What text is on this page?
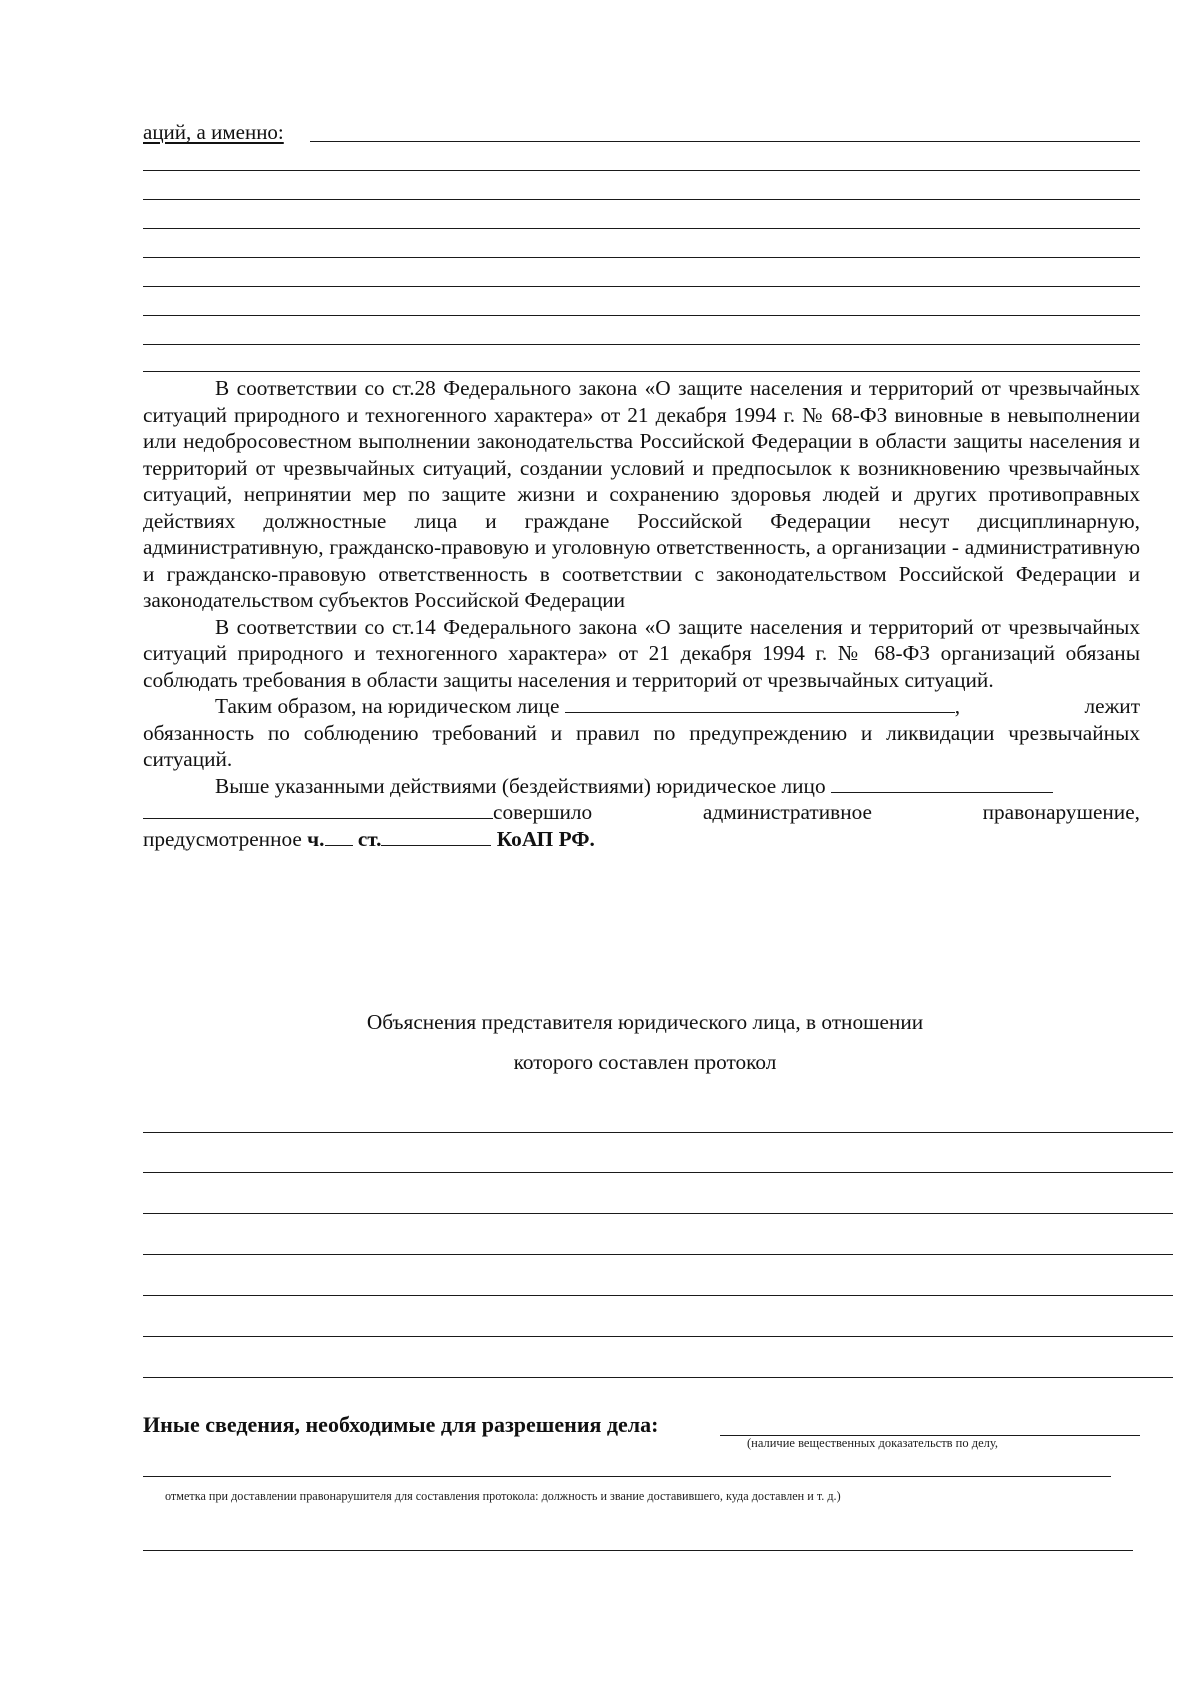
аций, а именно:

В соответствии со ст.28 Федерального закона «О защите населения и территорий от чрезвычайных ситуаций природного и техногенного характера» от 21 декабря 1994 г. № 68-ФЗ виновные в невыполнении или недобросовестном выполнении законодательства Российской Федерации в области защиты населения и территорий от чрезвычайных ситуаций, создании условий и предпосылок к возникновению чрезвычайных ситуаций, непринятии мер по защите жизни и сохранению здоровья людей и других противоправных действиях должностные лица и граждане Российской Федерации несут дисциплинарную, административную, гражданско-правовую и уголовную ответственность, а организации - административную и гражданско-правовую ответственность в соответствии с законодательством Российской Федерации и законодательством субъектов Российской Федерации

В соответствии со ст.14 Федерального закона «О защите населения и территорий от чрезвычайных ситуаций природного и техногенного характера» от 21 декабря 1994 г. № 68-ФЗ организаций обязаны соблюдать требования в области защиты населения и территорий от чрезвычайных ситуаций.

Таким образом, на юридическом лице	,	лежит

обязанность по соблюдению требований и правил по предупреждению и ликвидации чрезвычайных ситуаций.

Выше указанными действиями (бездействиями) юридическое лицо

совершило	административное	правонарушение,

предусмотренное ч. ст.	КоАП РФ.

Объяснения представителя юридического лица, в отношении
которого составлен протокол
Иные сведения, необходимые для разрешения дела:
(наличие вещественных доказательств по делу,
отметка при доставлении правонарушителя для составления протокола: должность и звание доставившего, куда доставлен и т. д.)
